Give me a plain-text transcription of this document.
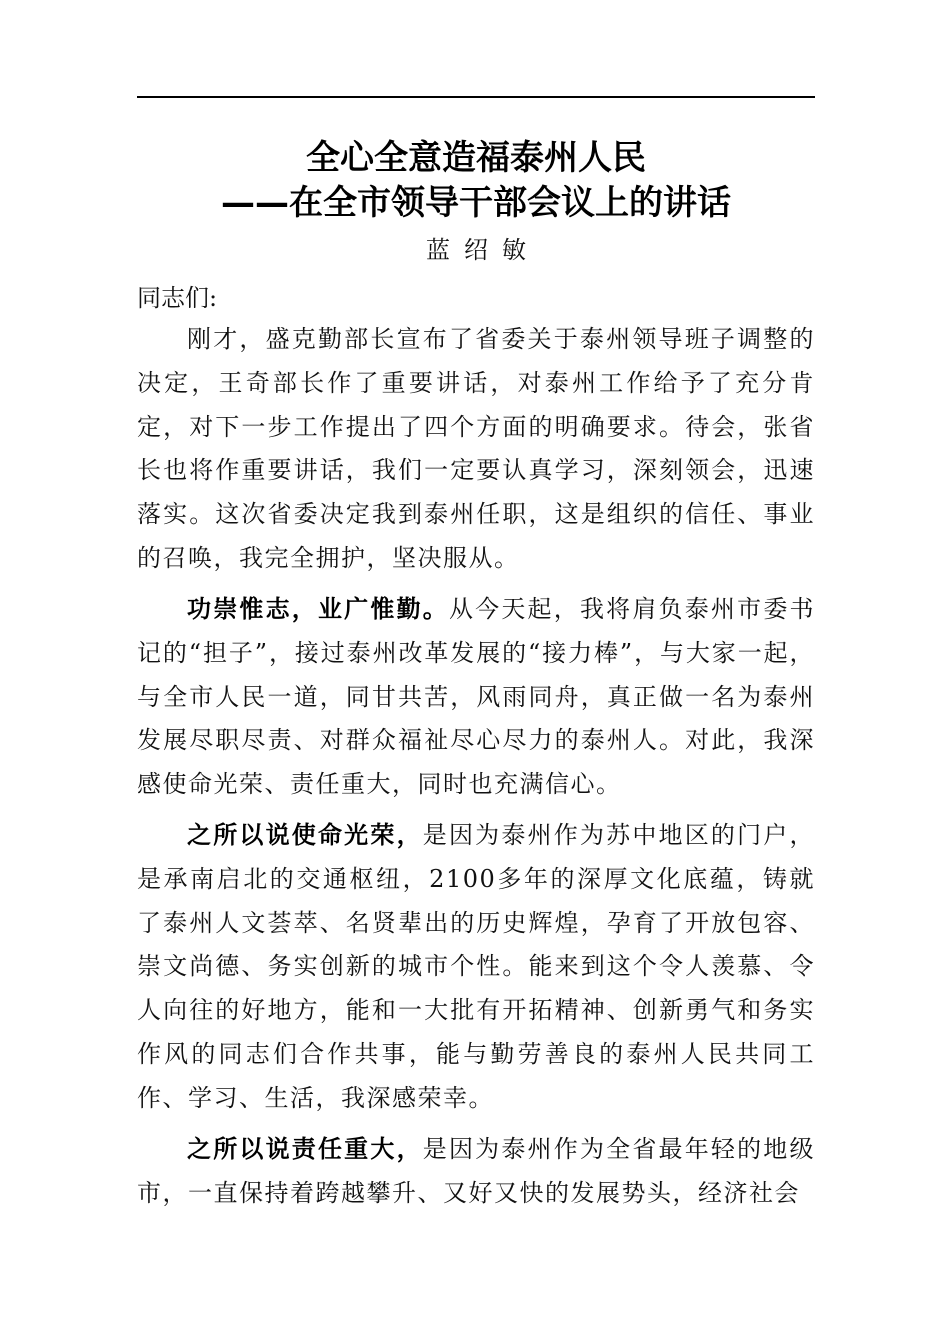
全心全意造福泰州人民
——在全市领导干部会议上的讲话
蓝绍敏
同志们:

刚才，盛克勤部长宣布了省委关于泰州领导班子调整的决定，王奇部长作了重要讲话，对泰州工作给予了充分肯定，对下一步工作提出了四个方面的明确要求。待会，张省长也将作重要讲话，我们一定要认真学习，深刻领会，迅速落实。这次省委决定我到泰州任职，这是组织的信任、事业的召唤，我完全拥护，坚决服从。

功崇惟志，业广惟勤。从今天起，我将肩负泰州市委书记的“担子”，接过泰州改革发展的“接力棒”，与大家一起，与全市人民一道，同甘共苦，风雨同舟，真正做一名为泰州发展尽职尽责、对群众福祉尽心尽力的泰州人。对此，我深感使命光荣、责任重大，同时也充满信心。

之所以说使命光荣，是因为泰州作为苏中地区的门户，是承南启北的交通枢纽，2100多年的深厚文化底蕴，铸就了泰州人文荟萃、名贤辈出的历史辉煌，孕育了开放包容、崇文尚德、务实创新的城市个性。能来到这个令人羡慕、令人向往的好地方，能和一大批有开拓精神、创新勇气和务实作风的同志们合作共事，能与勤劳善良的泰州人民共同工作、学习、生活，我深感荣幸。

之所以说责任重大，是因为泰州作为全省最年轻的地级市，一直保持着跨越攀升、又好又快的发展势头，经济社会
